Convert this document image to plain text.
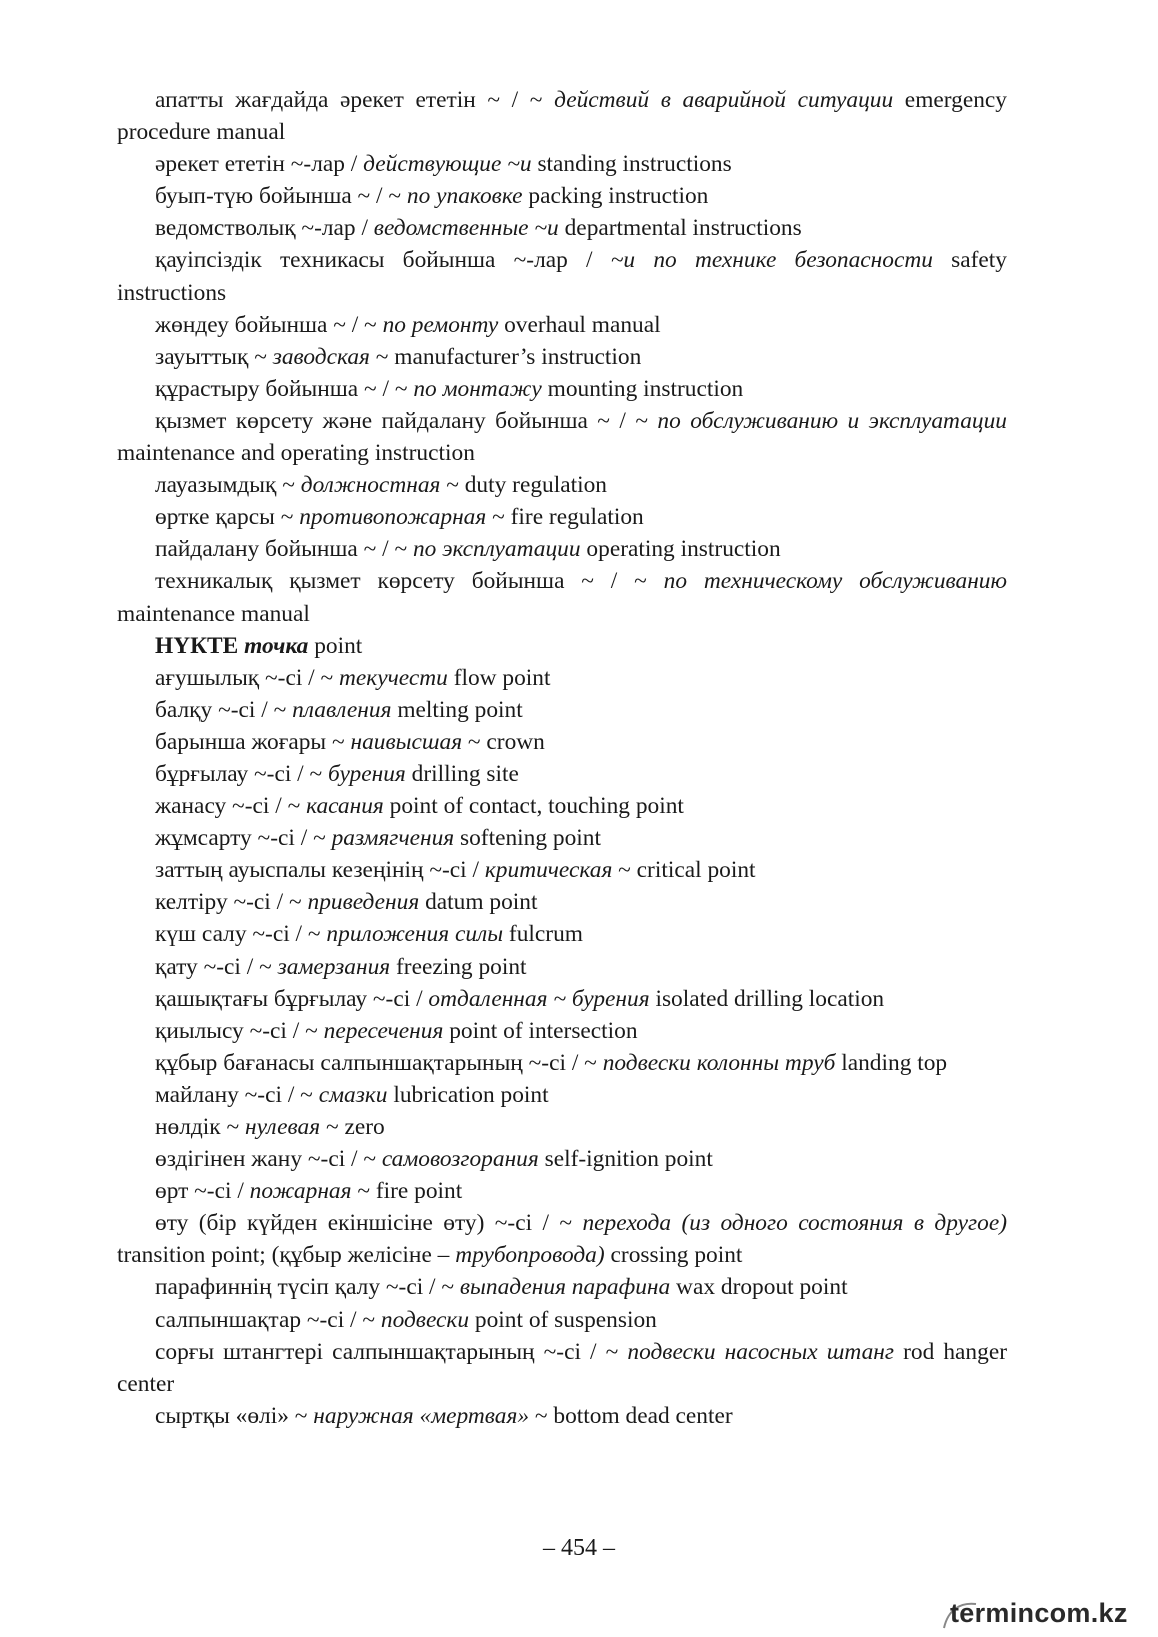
апатты жағдайда әрекет ететін ~ / ~ действий в аварийной ситуации emergency procedure manual

әрекет ететін ~-лар / действующие ~и standing instructions

буып-түю бойынша ~ / ~ по упаковке packing instruction

ведомстволық ~-лар / ведомственные ~и departmental instructions

қауіпсіздік техникасы бойынша ~-лар / ~и по технике безопасности safety instructions

жөндеу бойынша ~ / ~ по ремонту overhaul manual

зауыттық ~ заводская ~ manufacturer’s instruction

құрастыру бойынша ~ / ~ по монтажу mounting instruction

қызмет көрсету және пайдалану бойынша ~ / ~ по обслуживанию и эксплуатации maintenance and operating instruction

лауазымдық ~ должностная ~ duty regulation

өртке қарсы ~ противопожарная ~ fire regulation

пайдалану бойынша ~ / ~ по эксплуатации operating instruction

техникалық қызмет көрсету бойынша ~ / ~ по техническому обслуживанию maintenance manual

НҮКТЕ точка point

ағушылық ~-сі / ~ текучести flow point

балқу ~-сі / ~ плавления melting point

барынша жоғары ~ наивысшая ~ crown

бұрғылау ~-сі / ~ бурения drilling site

жанасу ~-сі / ~ касания point of contact, touching point

жұмсарту ~-сі / ~ размягчения softening point

заттың ауыспалы кезеңінің ~-сі / критическая ~ critical point

келтіру ~-сі / ~ приведения datum point

күш салу ~-сі / ~ приложения силы fulcrum

қату ~-сі / ~ замерзания freezing point

қашықтағы бұрғылау ~-сі / отдаленная ~ бурения isolated drilling location

қиылысу ~-сі / ~ пересечения point of intersection

құбыр бағанасы салпыншақтарының ~-сі / ~ подвески колонны труб landing top

майлану ~-сі / ~ смазки lubrication point

нөлдік ~ нулевая ~ zero

өздігінен жану ~-сі / ~ самовозгорания self-ignition point

өрт ~-сі / пожарная ~ fire point

өту (бір күйден екіншісіне өту) ~-сі / ~ перехода (из одного состояния в другое) transition point; (құбыр желісіне – трубопровода) crossing point

парафиннің түсіп қалу ~-сі / ~ выпадения парафина wax dropout point

салпыншақтар ~-сі / ~ подвески point of suspension

сорғы штангтері салпыншақтарының ~-сі / ~ подвески насосных штанг rod hanger center

сыртқы «өлі» ~ наружная «мертвая» ~ bottom dead center

– 454 –
termincom.kz
